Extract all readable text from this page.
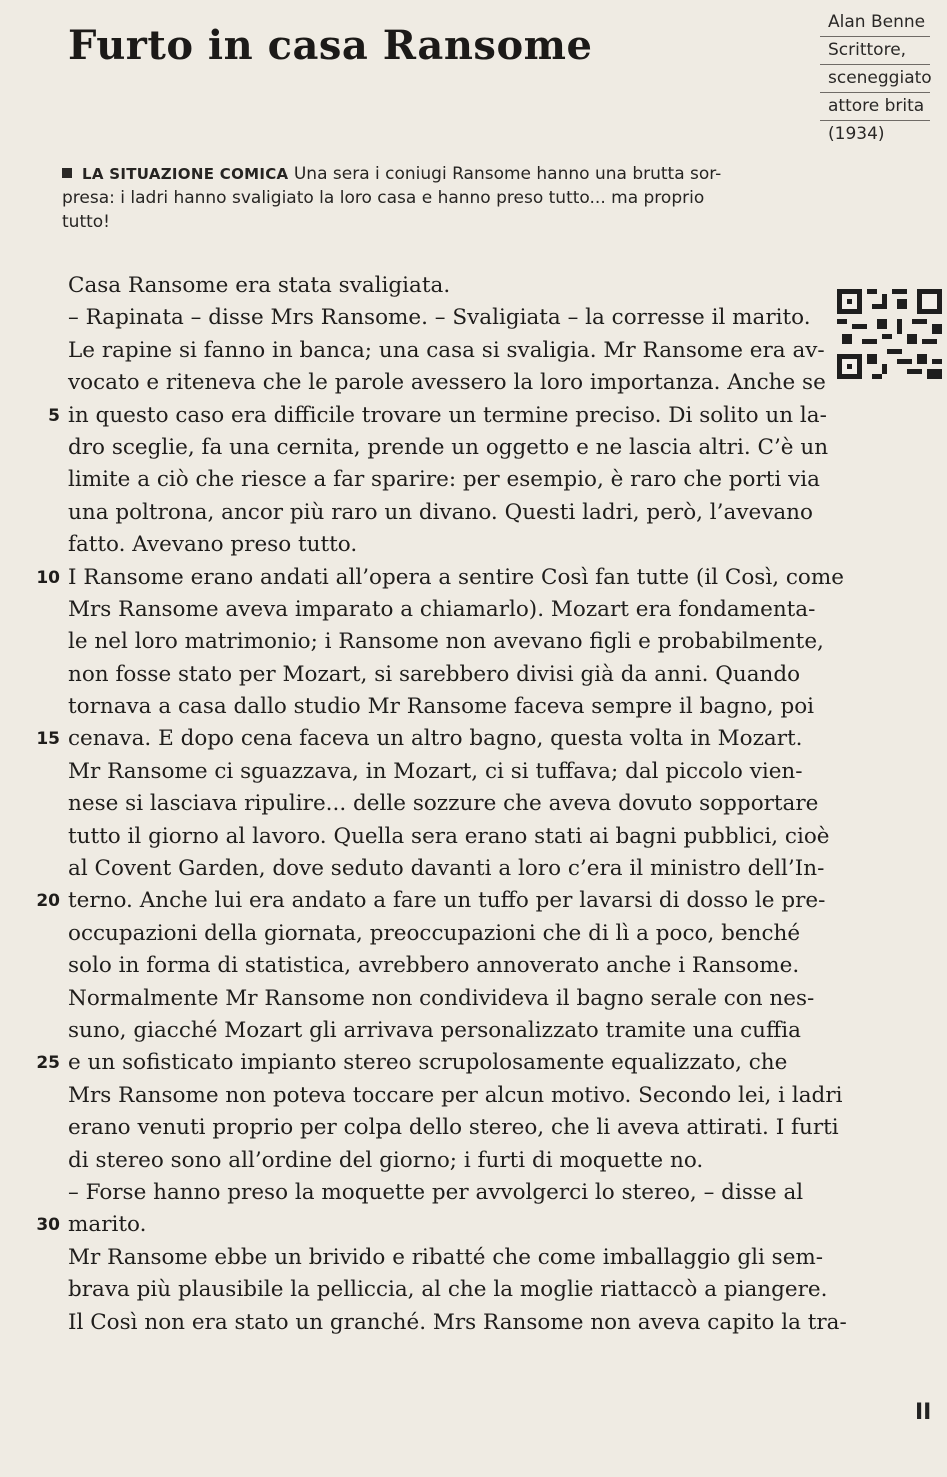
Furto in casa Ransome	Alan Benne
Scrittore,
sceneggiato
attore brita
(1934)
LA SITUAZIONE COMICA Una sera i coniugi Ransome hanno una brutta sor-
presa: i ladri hanno svaligiato la loro casa e hanno preso tutto... ma proprio
tutto!
Casa Ransome era stata svaligiata.
– Rapinata – disse Mrs Ransome. – Svaligiata – la corresse il marito.
Le rapine si fanno in banca; una casa si svaligia. Mr Ransome era av-
vocato e riteneva che le parole avessero la loro importanza. Anche se
5 in questo caso era difficile trovare un termine preciso. Di solito un la-
dro sceglie, fa una cernita, prende un oggetto e ne lascia altri. C’è un
limite a ciò che riesce a far sparire: per esempio, è raro che porti via
una poltrona, ancor più raro un divano. Questi ladri, però, l’avevano
fatto. Avevano preso tutto.
10 I Ransome erano andati all’opera a sentire Così fan tutte (il Così, come
Mrs Ransome aveva imparato a chiamarlo). Mozart era fondamenta-
le nel loro matrimonio; i Ransome non avevano figli e probabilmente,
non fosse stato per Mozart, si sarebbero divisi già da anni. Quando
tornava a casa dallo studio Mr Ransome faceva sempre il bagno, poi
15 cenava. E dopo cena faceva un altro bagno, questa volta in Mozart.
Mr Ransome ci sguazzava, in Mozart, ci si tuffava; dal piccolo vien-
nese si lasciava ripulire... delle sozzure che aveva dovuto sopportare
tutto il giorno al lavoro. Quella sera erano stati ai bagni pubblici, cioè
al Covent Garden, dove seduto davanti a loro c’era il ministro dell’In-
20 terno. Anche lui era andato a fare un tuffo per lavarsi di dosso le pre-
occupazioni della giornata, preoccupazioni che di lì a poco, benché
solo in forma di statistica, avrebbero annoverato anche i Ransome.
Normalmente Mr Ransome non condivideva il bagno serale con nes-
suno, giacché Mozart gli arrivava personalizzato tramite una cuffia
25 e un sofisticato impianto stereo scrupolosamente equalizzato, che
Mrs Ransome non poteva toccare per alcun motivo. Secondo lei, i ladri
erano venuti proprio per colpa dello stereo, che li aveva attirati. I furti
di stereo sono all’ordine del giorno; i furti di moquette no.
– Forse hanno preso la moquette per avvolgerci lo stereo, – disse al
30 marito.
Mr Ransome ebbe un brivido e ribatté che come imballaggio gli sem-
brava più plausibile la pelliccia, al che la moglie riattaccò a piangere.
Il Così non era stato un granché. Mrs Ransome non aveva capito la tra-
II
